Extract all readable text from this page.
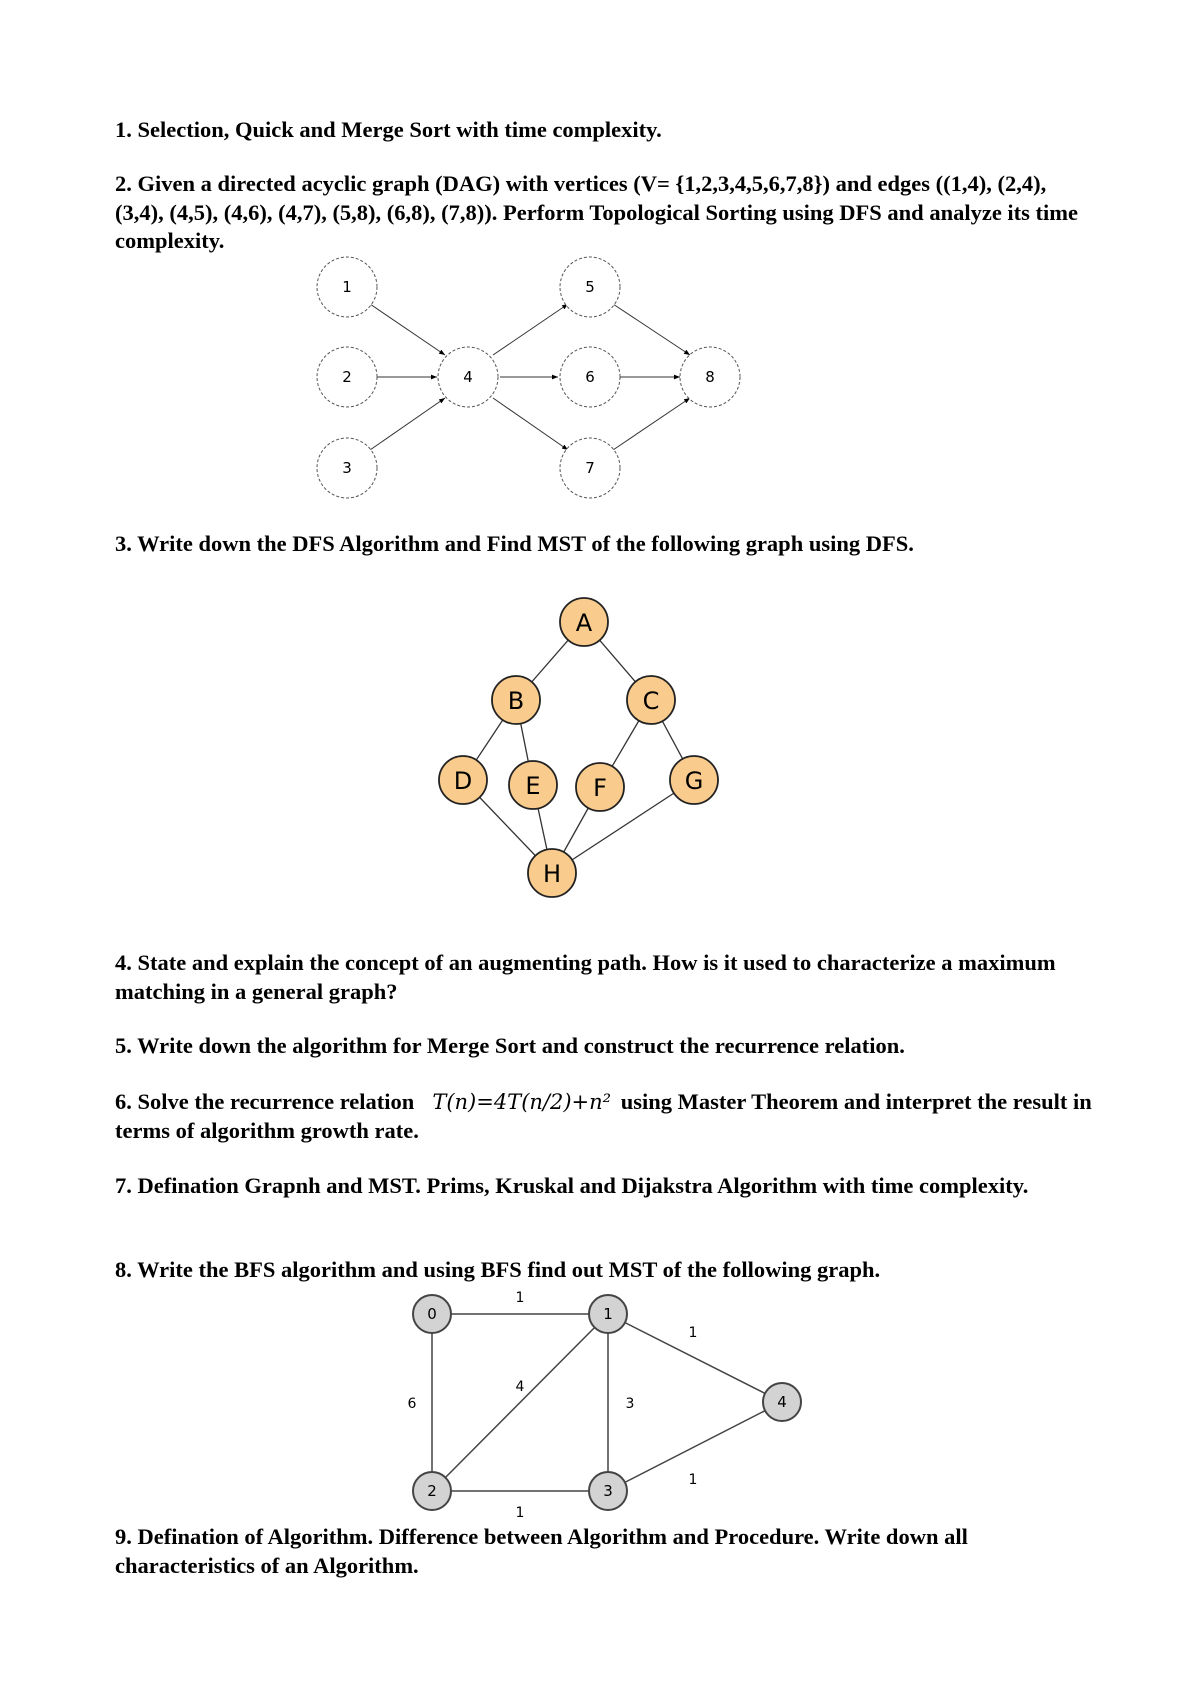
1. Selection, Quick and Merge Sort with time complexity.

2. Given a directed acyclic graph (DAG) with vertices (V= {1,2,3,4,5,6,7,8}) and edges ((1,4), (2,4), (3,4), (4,5), (4,6), (4,7), (5,8), (6,8), (7,8)). Perform Topological Sorting using DFS and analyze its time complexity.

1
2
3
4
5
6
7
8

3. Write down the DFS Algorithm and Find MST of the following graph using DFS.

A
B	C
D E F	G
H

4. State and explain the concept of an augmenting path. How is it used to characterize a maximum matching in a general graph?

5. Write down the algorithm for Merge Sort and construct the recurrence relation.

6. Solve the recurrence relation T(n)=4T(n/2)+n² using Master Theorem and interpret the result in terms of algorithm growth rate.

7. Defination Grapnh and MST. Prims, Kruskal and Dijakstra Algorithm with time complexity.

8. Write the BFS algorithm and using BFS find out MST of the following graph.

0	1
2	3
4
1
6
4
3
1
1
1

9. Defination of Algorithm. Difference between Algorithm and Procedure. Write down all characteristics of an Algorithm.
